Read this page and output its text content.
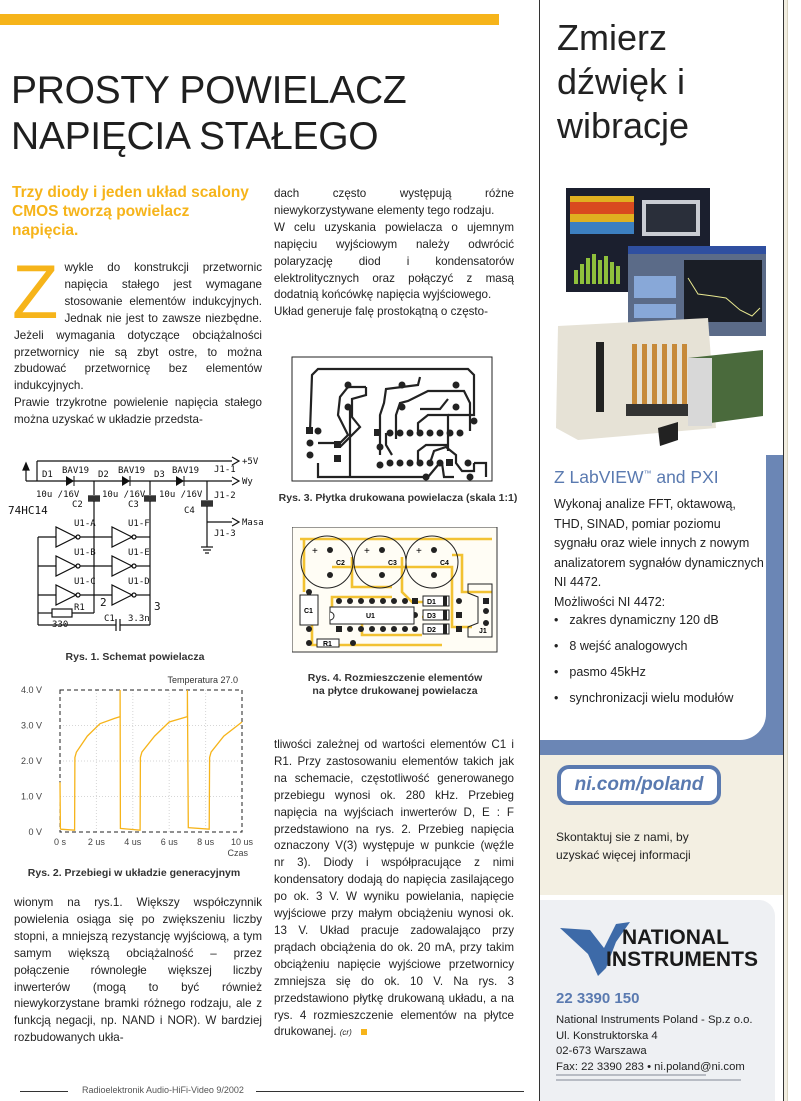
PROSTY POWIELACZ
NAPIĘCIA STAŁEGO
Trzy diody i jeden układ scalony CMOS tworzą powielacz napięcia.
Z wykle do konstrukcji przetwornic napięcia stałego jest wymagane stosowanie elementów indukcyjnych. Jednak nie jest to zawsze niezbędne. Jeżeli wymagania dotyczące obciążalności przetwornicy nie są zbyt ostre, to można zbudować przetwornicę bez elementów indukcyjnych.

Prawie trzykrotne powielenie napięcia stałego można uzyskać w układzie przedsta-

BAV19	BAV19	BAV19
D1	D2	D3
10u /16V	10u /16V 10u /16V
C2	C3
C4
74HC14
U1-A
U1-B
U1-C
U1-F
U1-E
U1-D
R1
330
C1 3.3n
2	3
+5V
J1-1
Wy
J1-2
Masa
J1-3
Rys. 1. Schemat powielacza
Temperatura 27.0
0 V
1.0 V
2.0 V
3.0 V
4.0 V
0 s 2 us 4 us 6 us 8 us 10 us
Czas
Rys. 2. Przebiegi w układzie generacyjnym

wionym na rys.1. Większy współczynnik powielenia osiąga się po zwiększeniu liczby stopni, a mniejszą rezystancję wyjściową, a tym samym większą obciążalność – przez połączenie równoległe większej liczby inwerterów (mogą to być również niewykorzystane bramki różnego rodzaju, ale z funkcją negacji, np. NAND i NOR). W bardziej rozbudowanych ukła-

dach często występują różne niewykorzystywane elementy tego rodzaju.

W celu uzyskania powielacza o ujemnym napięciu wyjściowym należy odwrócić polaryzację diod i kondensatorów elektrolitycznych oraz połączyć z masą dodatnią końcówkę napięcia wyjściowego.

Układ generuje falę prostokątną o często-

Rys. 3. Płytka drukowana powielacza (skala 1:1)
+	+	+
C2	C3	C4
C1
U1
D1
D3
D2	J1
R1
Rys. 4. Rozmieszczenie elementów
na płytce drukowanej powielacza

tliwości zależnej od wartości elementów C1 i R1. Przy zastosowaniu elementów takich jak na schemacie, częstotliwość generowanego przebiegu wynosi ok. 280 kHz. Przebieg napięcia na wyjściach inwerterów D, E : F przedstawiono na rys. 2. Przebieg napięcia oznaczony V(3) występuje w punkcie (węźle nr 3). Diody i współpracujące z nimi kondensatory dodają do napięcia zasilającego po ok. 3 V. W wyniku powielania, napięcie wyjściowe przy małym obciążeniu wynosi ok. 13 V. Układ pracuje zadowalająco przy prądach obciążenia do ok. 20 mA, przy takim obciążeniu napięcie wyjściowe przetwornicy zmniejsza się do ok. 10 V. Na rys. 3 przedstawiono płytkę drukowaną układu, a na rys. 4 rozmieszczenie elementów na płytce drukowanej. (cr)

Radioelektronik Audio-HiFi-Video 9/2002
Zmierz
dźwięk i
wibracje
Z LabVIEW™ and PXI
Wykonaj analize FFT, oktawową, THD, SINAD, pomiar poziomu sygnału oraz wiele innych z nowym analizatorem sygnałów dynamicznych NI 4472.
Możliwości NI 4472:
• zakres dynamiczny 120 dB
• 8 wejść analogowych
• pasmo 45kHz
• synchronizacji wielu modułów
ni.com/poland
Skontaktuj sie z nami, by
uzyskać więcej informacji
NATIONAL
INSTRUMENTS
22 3390 150
National Instruments Poland - Sp.z o.o.
Ul. Konstruktorska 4
02-673 Warszawa
Fax: 22 3390 283 • ni.poland@ni.com
